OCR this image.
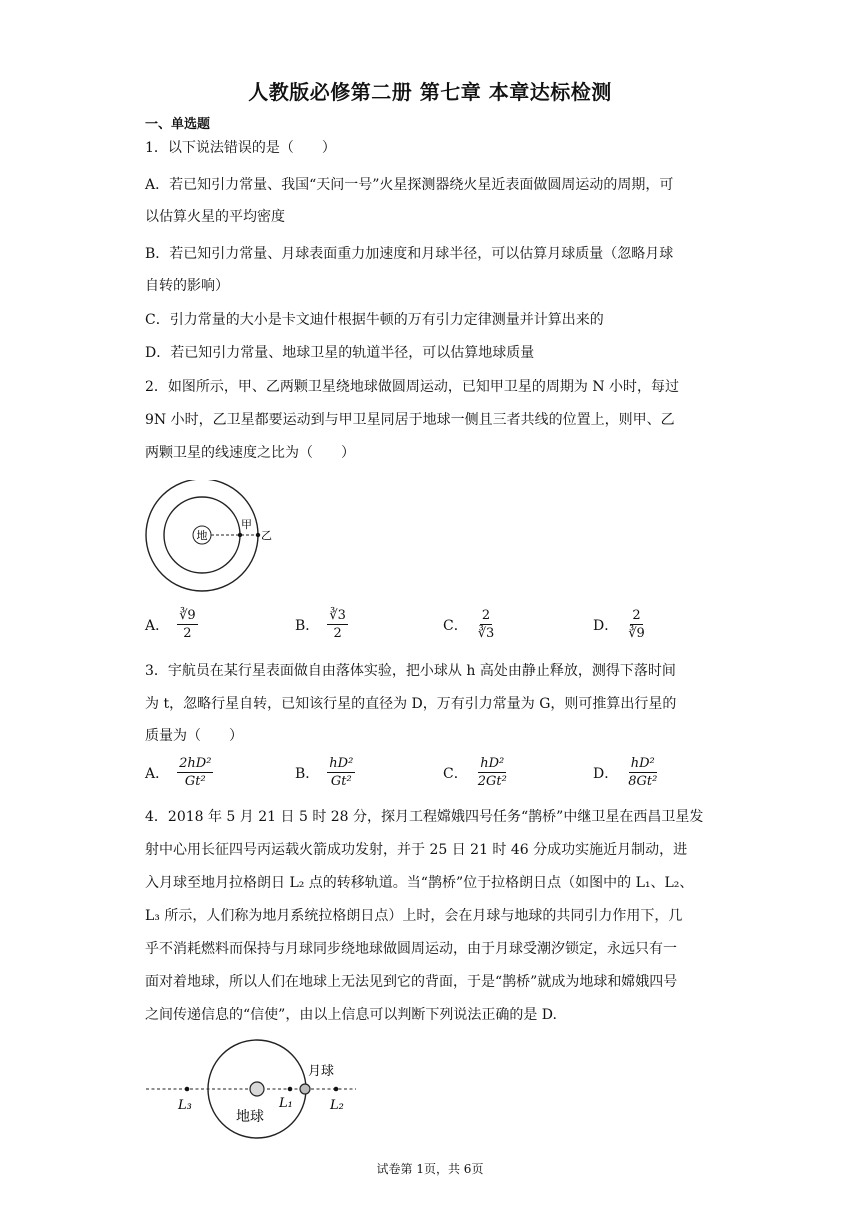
人教版必修第二册 第七章 本章达标检测
一、单选题
1．以下说法错误的是（　　）
A．若已知引力常量、我国“天问一号”火星探测器绕火星近表面做圆周运动的周期，可
以估算火星的平均密度
B．若已知引力常量、月球表面重力加速度和月球半径，可以估算月球质量（忽略月球
自转的影响）
C．引力常量的大小是卡文迪什根据牛顿的万有引力定律测量并计算出来的
D．若已知引力常量、地球卫星的轨道半径，可以估算地球质量
2．如图所示，甲、乙两颗卫星绕地球做圆周运动，已知甲卫星的周期为 N 小时，每过
9N 小时，乙卫星都要运动到与甲卫星同居于地球一侧且三者共线的位置上，则甲、乙
两颗卫星的线速度之比为（　　）
地
甲
乙
A． $\frac{∛9}{2}$	B． $\frac{∛3}{2}$	C． $\frac{2}{∛3}$	D． $\frac{2}{∛9}$
3．宇航员在某行星表面做自由落体实验，把小球从 h 高处由静止释放，测得下落时间
为 t，忽略行星自转，已知该行星的直径为 D，万有引力常量为 G，则可推算出行星的
质量为（　　）
A． $\frac{\text{2hD²}}{\text{Gt²}}$	B． $\frac{\text{hD²}}{\text{Gt²}}$	C． $\frac{\text{hD²}}{\text{2Gt²}}$	D． $\frac{\text{hD²}}{\text{8Gt²}}$
4．2018 年 5 月 21 日 5 时 28 分，探月工程嫦娥四号任务“鹊桥”中继卫星在西昌卫星发
射中心用长征四号丙运载火箭成功发射，并于 25 日 21 时 46 分成功实施近月制动，进
入月球至地月拉格朗日 L₂ 点的转移轨道。当“鹊桥”位于拉格朗日点（如图中的 L₁、L₂、
L₃ 所示，人们称为地月系统拉格朗日点）上时，会在月球与地球的共同引力作用下，几
乎不消耗燃料而保持与月球同步绕地球做圆周运动，由于月球受潮汐锁定，永远只有一
面对着地球，所以人们在地球上无法见到它的背面，于是“鹊桥”就成为地球和嫦娥四号
之间传递信息的“信使”，由以上信息可以判断下列说法正确的是 D.
月球
地球
L₃	L₁	L₂
试卷第 1页，共 6页
